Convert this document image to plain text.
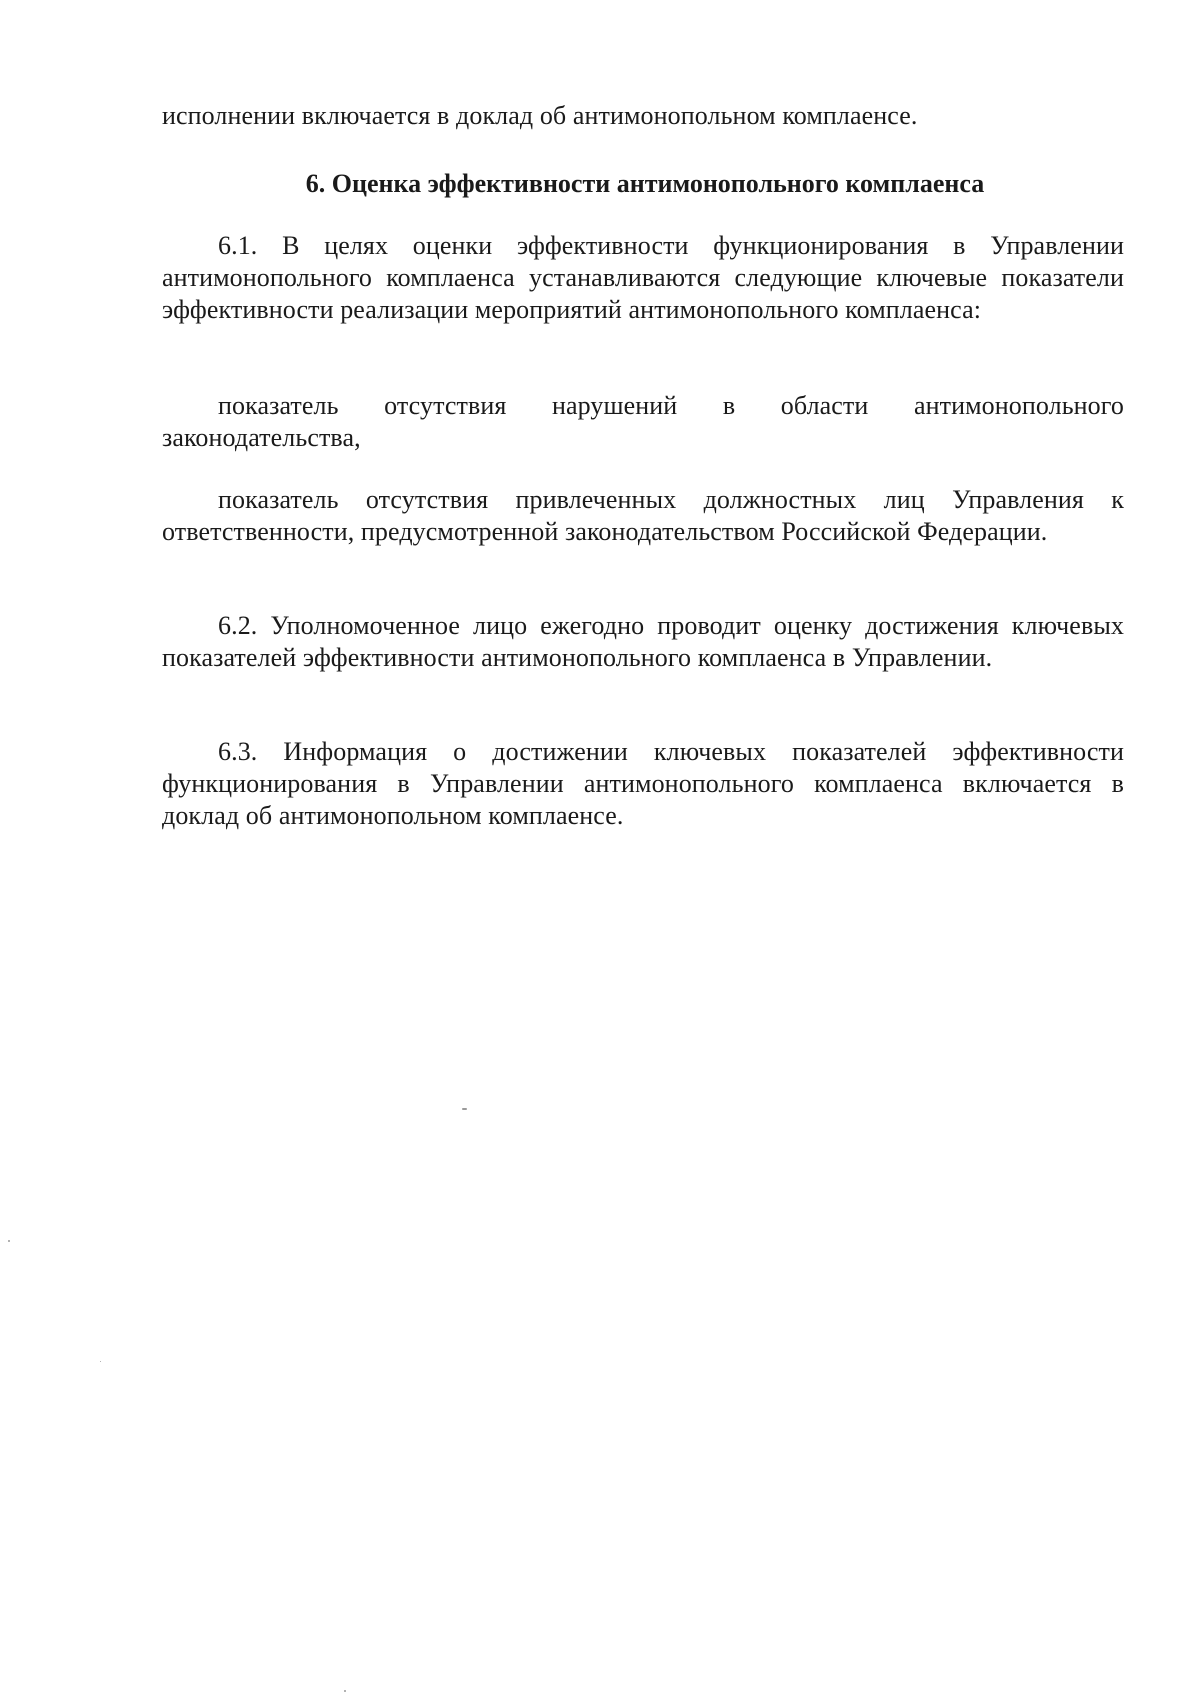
исполнении включается в доклад об антимонопольном комплаенсе.
6. Оценка эффективности антимонопольного комплаенса
6.1. В целях оценки эффективности функционирования в Управлении антимонопольного комплаенса устанавливаются следующие ключевые показатели эффективности реализации мероприятий антимонопольного комплаенса:
показатель отсутствия нарушений в области антимонопольного законодательства,
показатель отсутствия привлеченных должностных лиц Управления к ответственности, предусмотренной законодательством Российской Федерации.
6.2. Уполномоченное лицо ежегодно проводит оценку достижения ключевых показателей эффективности антимонопольного комплаенса в Управлении.
6.3. Информация о достижении ключевых показателей эффективности функционирования в Управлении антимонопольного комплаенса включается в доклад об антимонопольном комплаенсе.
